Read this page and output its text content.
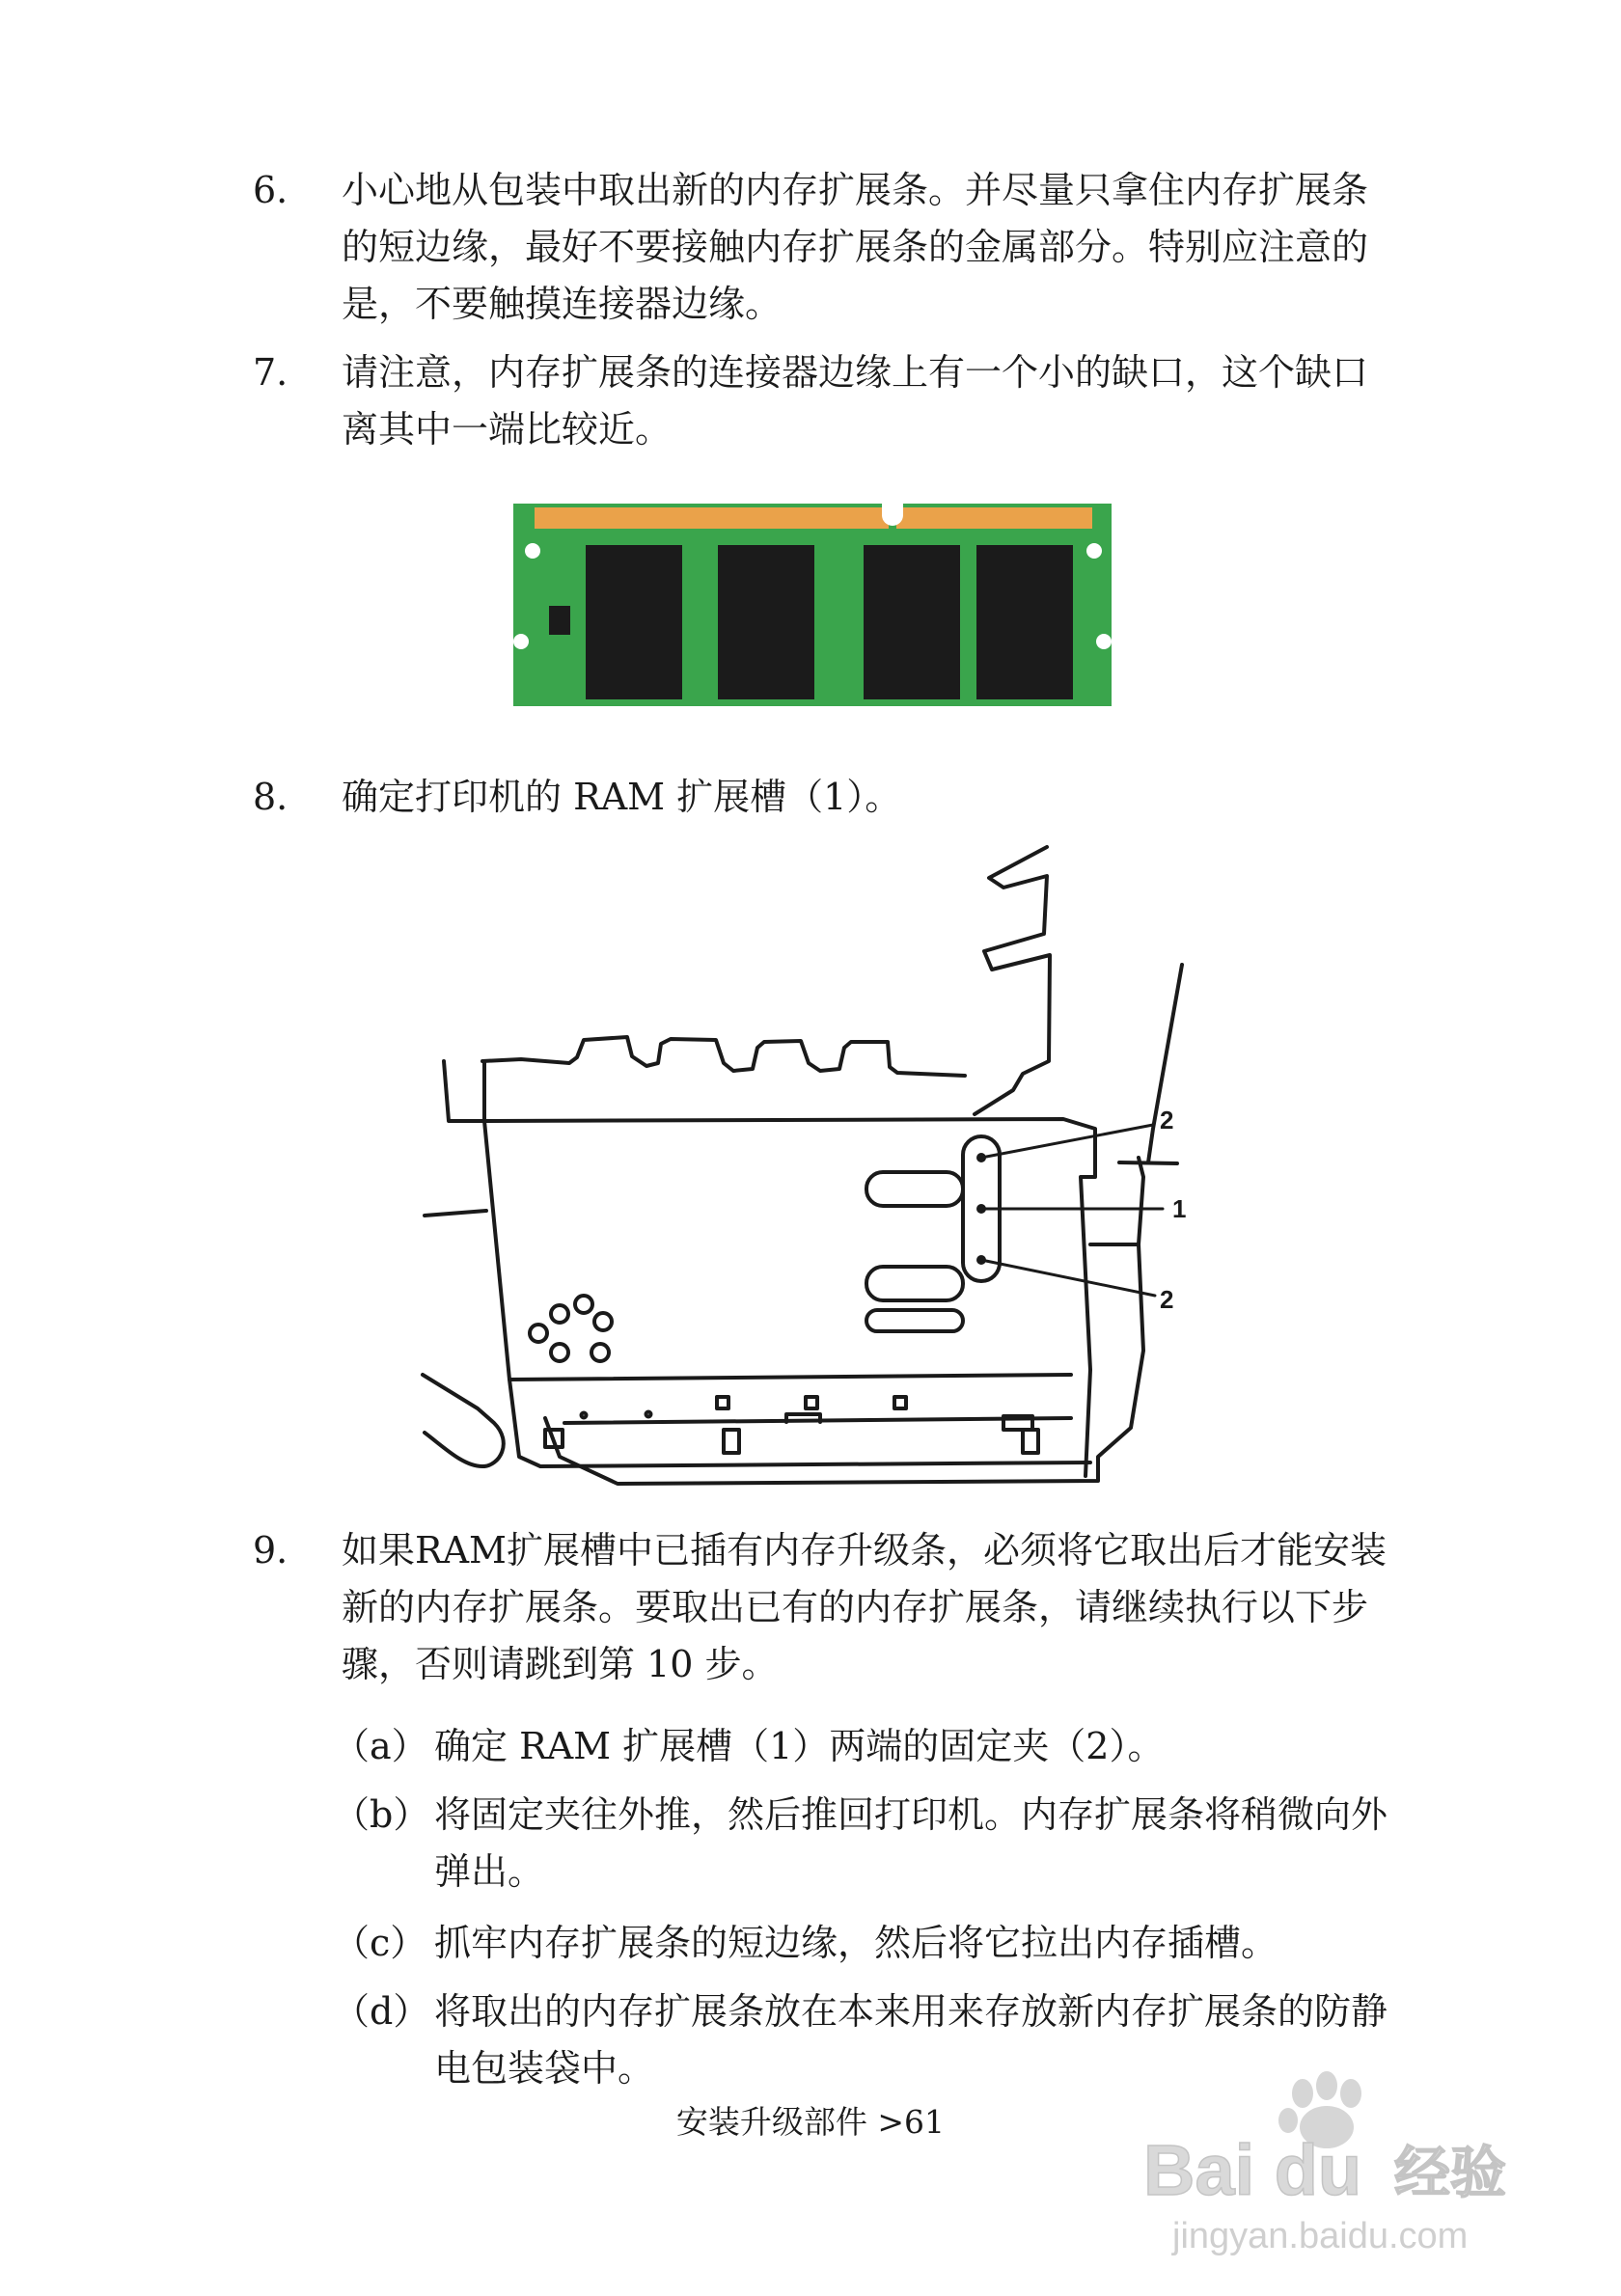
6.	小心地从包装中取出新的内存扩展条。并尽量只拿住内存扩展条的短边缘，最好不要接触内存扩展条的金属部分。特别应注意的是，不要触摸连接器边缘。
7.	请注意，内存扩展条的连接器边缘上有一个小的缺口，这个缺口离其中一端比较近。
8.	确定打印机的 RAM 扩展槽（1）。
2
1
2
9.	如果RAM扩展槽中已插有内存升级条，必须将它取出后才能安装新的内存扩展条。要取出已有的内存扩展条，请继续执行以下步骤，否则请跳到第 10 步。
（a） 确定 RAM 扩展槽（1）两端的固定夹（2）。
（b） 将固定夹往外推，然后推回打印机。内存扩展条将稍微向外弹出。
（c） 抓牢内存扩展条的短边缘，然后将它拉出内存插槽。
（d） 将取出的内存扩展条放在本来用来存放新内存扩展条的防静电包装袋中。
安装升级部件 >61
Bai du 经验
jingyan.baidu.com
